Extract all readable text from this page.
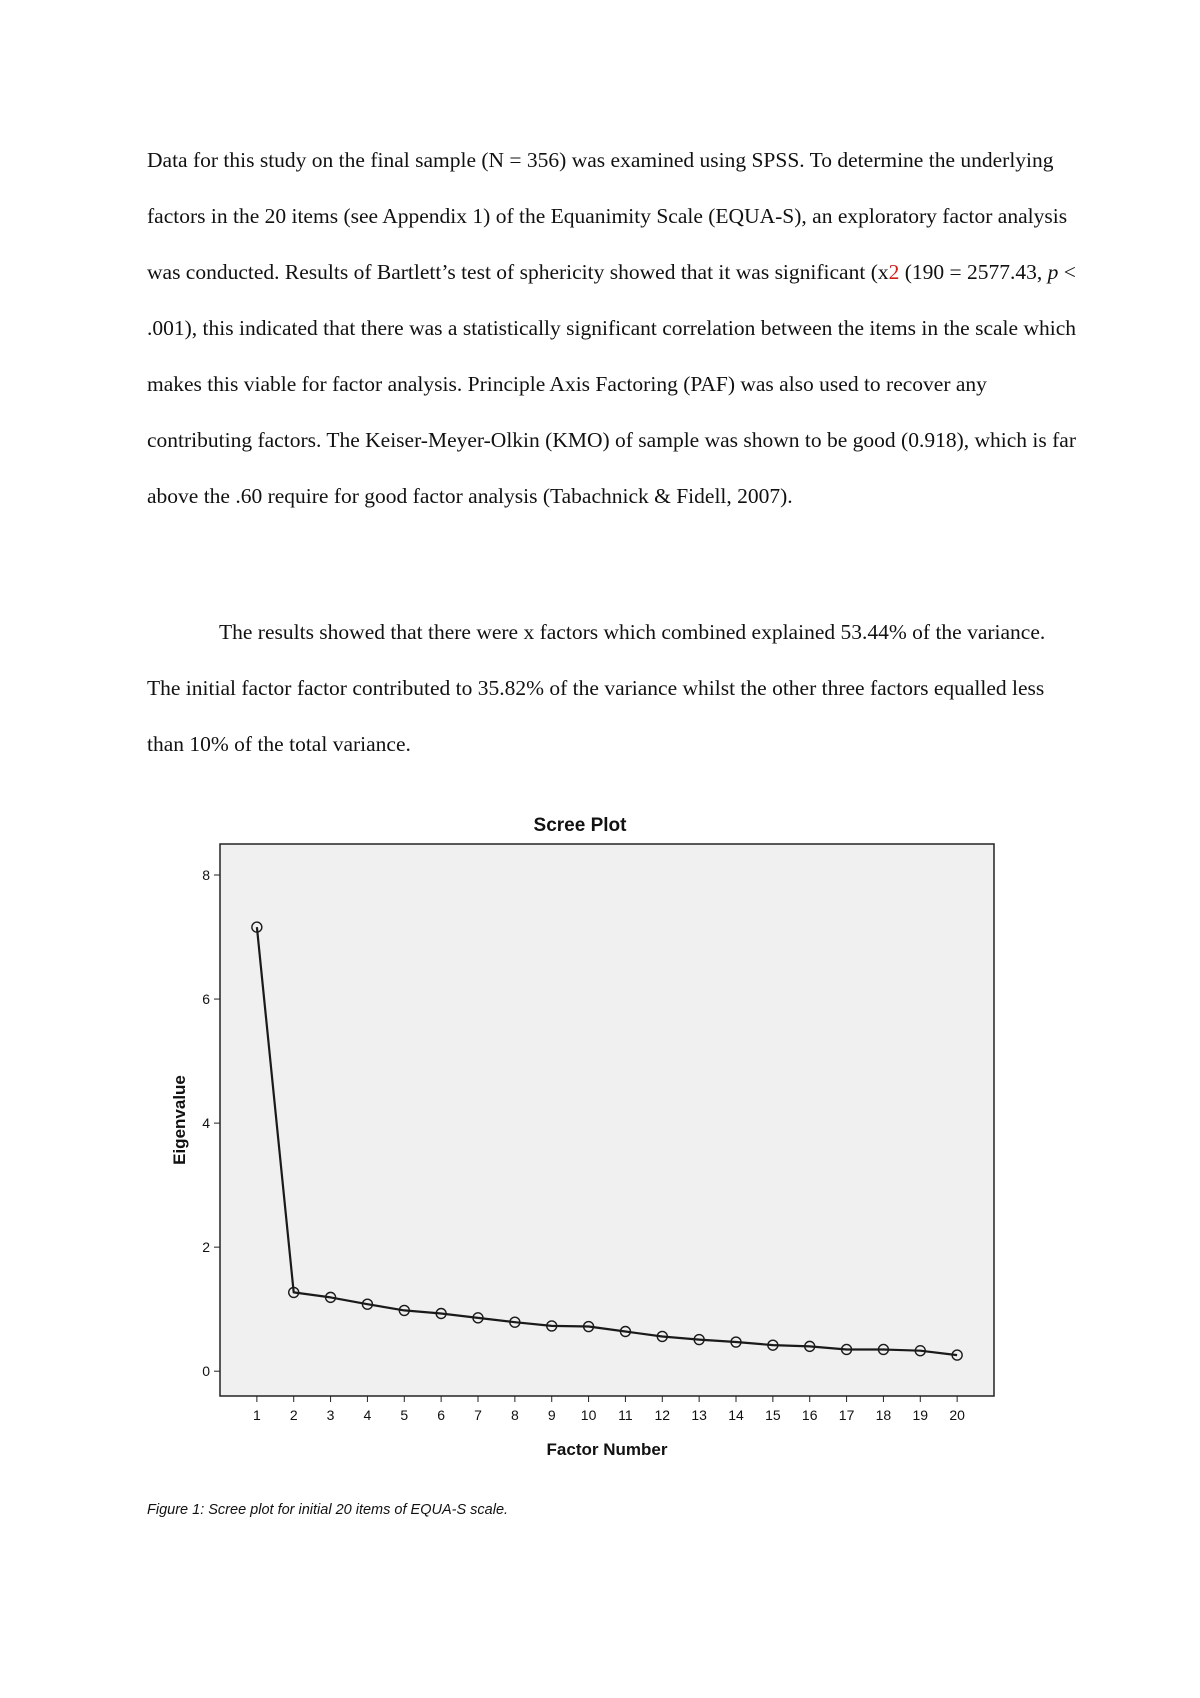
Data for this study on the final sample (N = 356) was examined using SPSS. To determine the underlying factors in the 20 items (see Appendix 1) of the Equanimity Scale (EQUA-S), an exploratory factor analysis was conducted. Results of Bartlett’s test of sphericity showed that it was significant (x2 (190 = 2577.43, p < .001), this indicated that there was a statistically significant correlation between the items in the scale which makes this viable for factor analysis. Principle Axis Factoring (PAF) was also used to recover any contributing factors. The Keiser-Meyer-Olkin (KMO) of sample was shown to be good (0.918), which is far above the .60 require for good factor analysis (Tabachnick & Fidell, 2007).

The results showed that there were x factors which combined explained 53.44% of the variance. The initial factor factor contributed to 35.82% of the variance whilst the other three factors equalled less than 10% of the total variance.

Scree Plot
0
2
4
6
8
1 2 3 4 5 6 7 8 9 10 11 12 13 14 15 16 17 18 19 20
Eigenvalue
Factor Number
Figure 1: Scree plot for initial 20 items of EQUA-S scale.
